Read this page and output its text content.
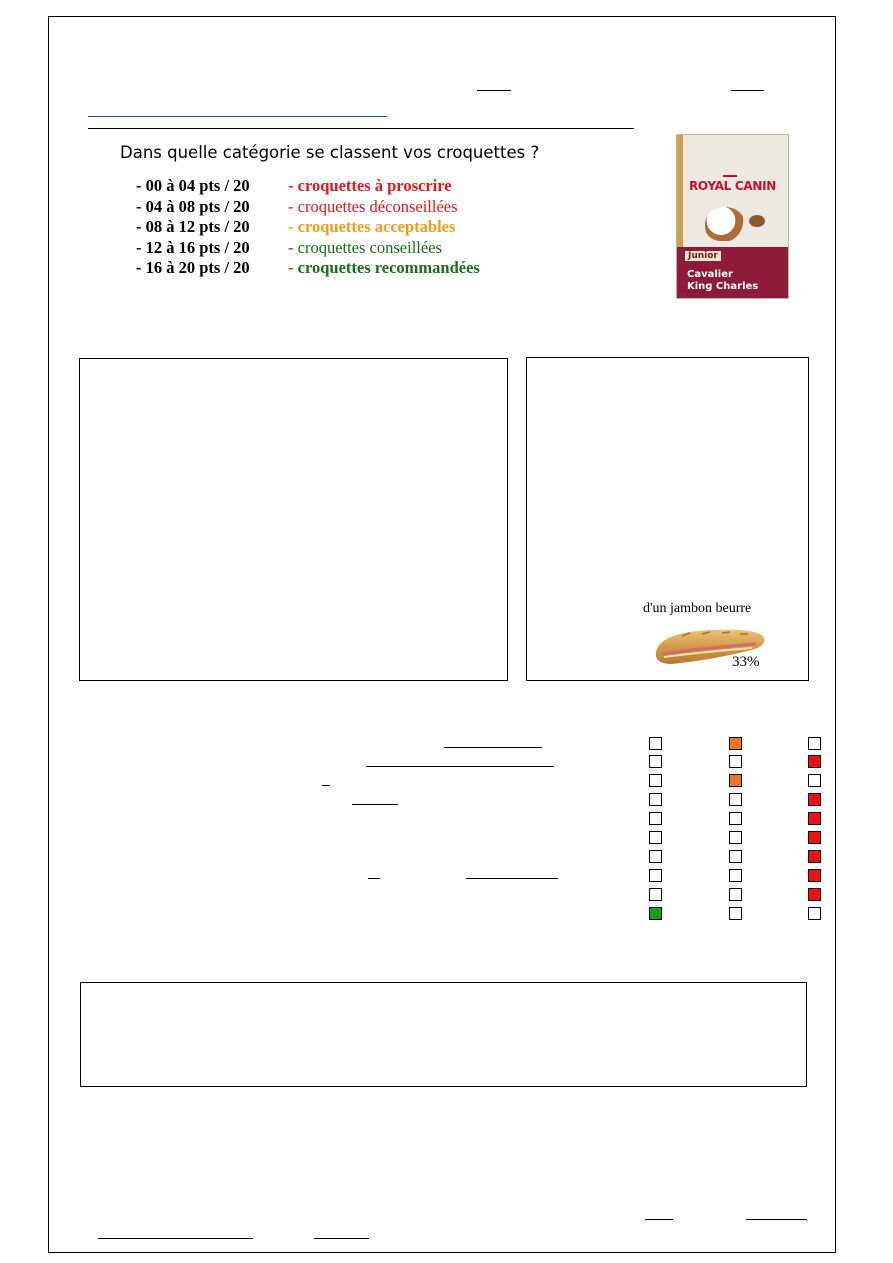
Dans quelle catégorie se classent vos croquettes ?
- 00 à 04 pts / 20 - croquettes à proscrire
- 04 à 08 pts / 20 - croquettes déconseillées
- 08 à 12 pts / 20 - croquettes acceptables
- 12 à 16 pts / 20 - croquettes conseillées
- 16 à 20 pts / 20 - croquettes recommandées
ROYAL CANIN
Junior
Cavalier
King Charles
d'un jambon beurre
33%
